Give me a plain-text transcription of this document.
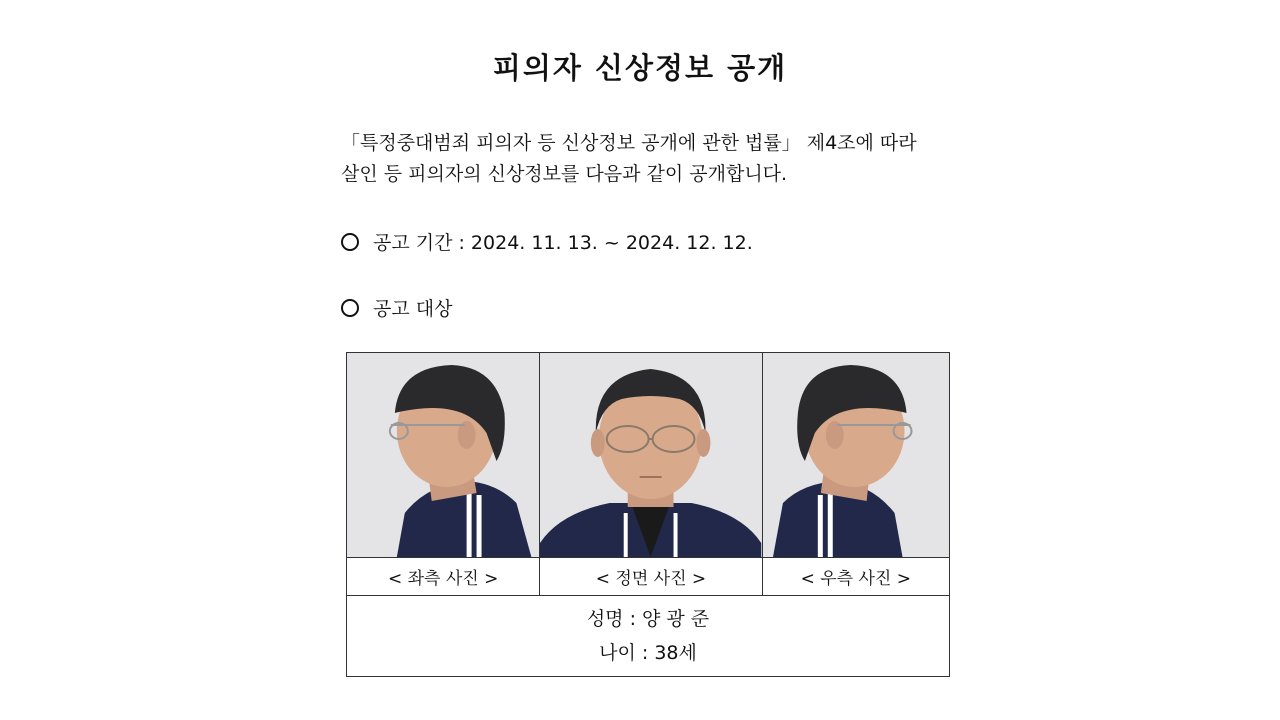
피의자 신상정보 공개
「특정중대범죄 피의자 등 신상정보 공개에 관한 법률」 제4조에 따라
살인 등 피의자의 신상정보를 다음과 같이 공개합니다.
공고 기간 : 2024. 11. 13. ~ 2024. 12. 12.
공고 대상

< 좌측 사진 >	< 정면 사진 >	< 우측 사진 >

성명 : 양 광 준
나이 : 38세		
